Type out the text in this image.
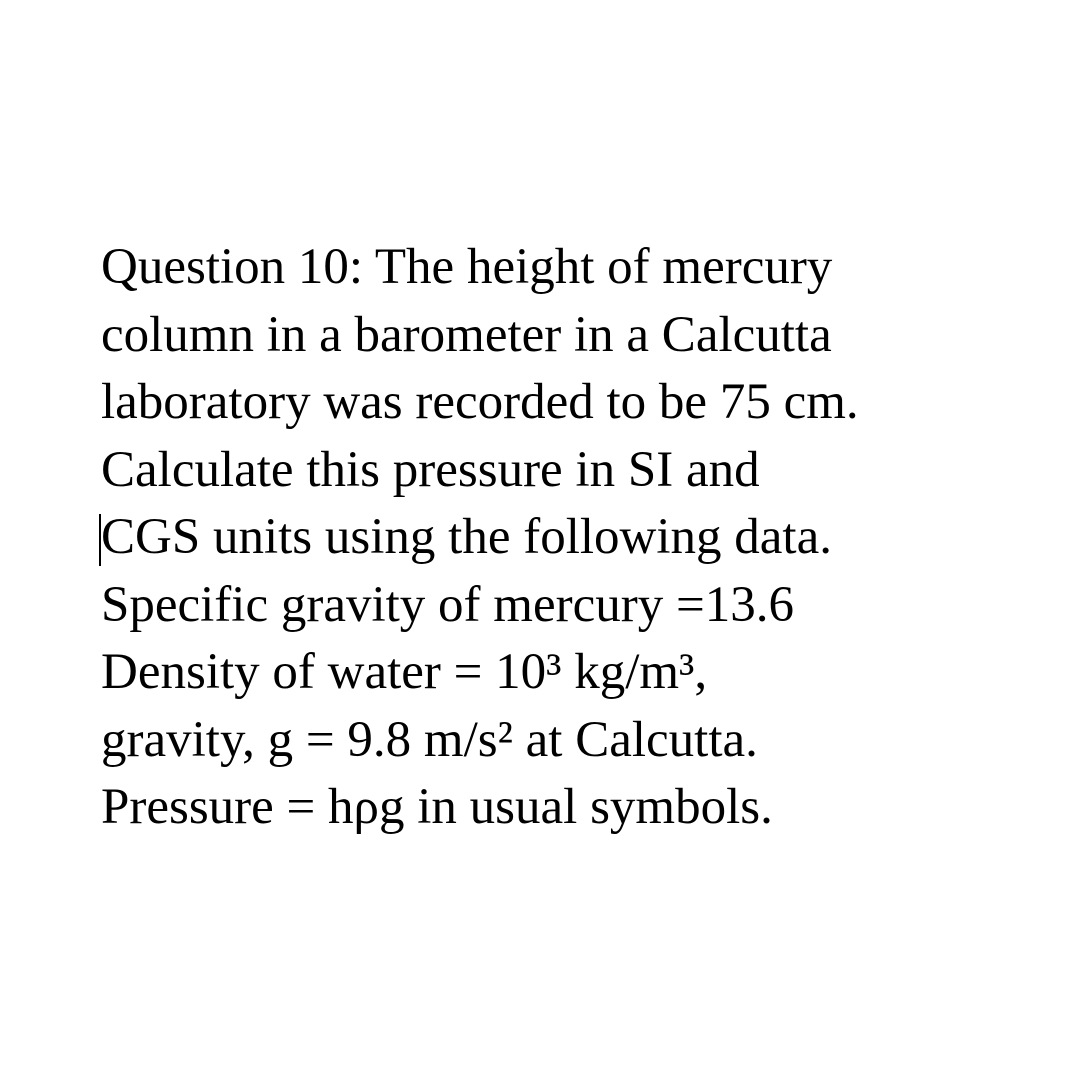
Question 10: The height of mercury
column in a barometer in a Calcutta
laboratory was recorded to be 75 cm.
Calculate this pressure in SI and
CGS units using the following data.
Specific gravity of mercury =13.6
Density of water = 10³ kg/m³,
gravity, g = 9.8 m/s² at Calcutta.
Pressure = hρg in usual symbols.
